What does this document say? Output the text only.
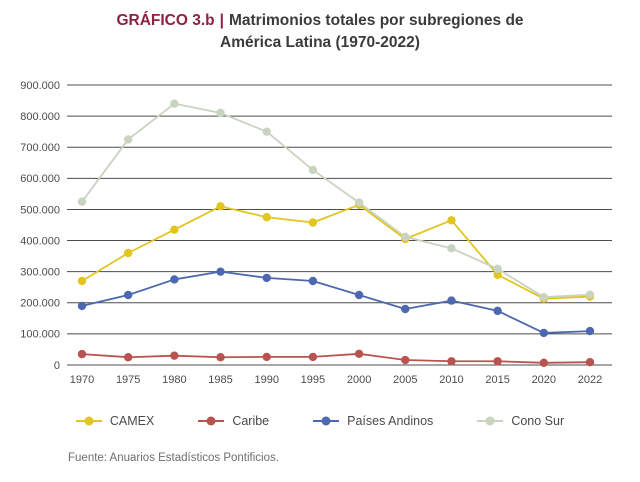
GRÁFICO 3.b | Matrimonios totales por subregiones de
América Latina (1970-2022)
0
100.000
200.000
300.000
400.000
500.000
600.000
700.000
800.000
900.000
1970 1975 1980 1985 1990 1995 2000 2005 2010 2015 2020 2022
CAMEX	Caribe	Países Andinos	Cono Sur
Fuente: Anuarios Estadísticos Pontificios.
